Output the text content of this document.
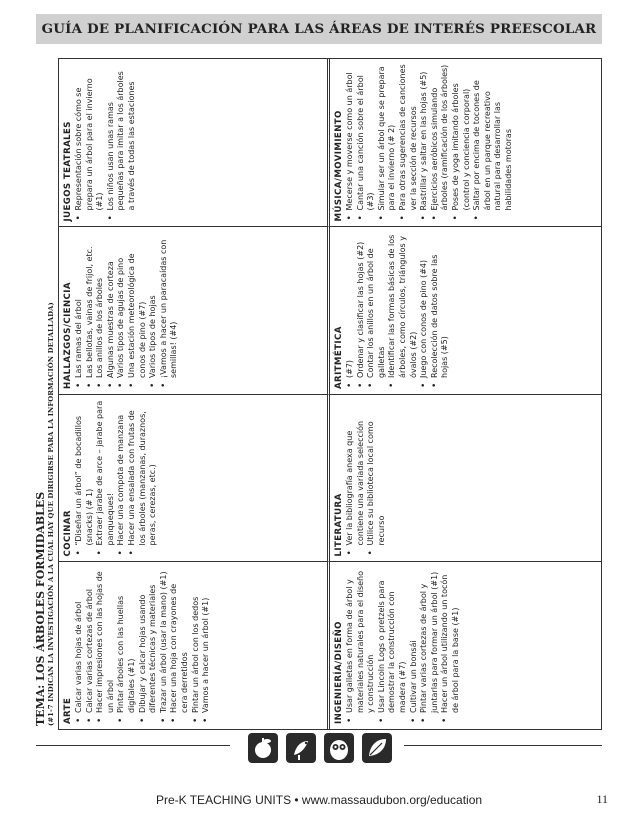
GUÍA DE PLANIFICACIÓN PARA LAS ÁREAS DE INTERÉS PREESCOLAR
TEMA: LOS ÁRBOLES FORMIDABLES (#1-7 INDICAN LA INVESTIGACIÓN A LA CUAL HAY QUE DIRIGIRSE PARA LA INFORMACIÓN DETALLADA) ARTE • Calcar varias hojas de árbol • Calcar varias cortezas de árbol • Hacer impresiones con las hojas de un árbol • Pintar árboles con las huellas digitales (#1) • Dibujar y calcar hojas usando diferentes técnicas y materiales • Trazar un árbol (usar la mano) (#1) • Hacer una hoja con crayones de cera derretidos • Pintar un árbol con los dedos • Vamos a hacer un árbol (#1)
COCINAR • “Diseñar un árbol” de bocadillos (snacks) (# 1) • Extraer jarabe de arce – jarabe para panqueques! • Hacer una compota de manzana • Hacer una ensalada con frutas de los árboles (manzanas, duraznos, peras, cerezas, etc.)
HALLAZGOS/CIENCIA • Las ramas del árbol • Las bellotas, vainas de frijol, etc. • Los anillos de los árboles • Algunas muestras de corteza • Varios tipos de agujas de pino • Una estación meteorológica de conos de pino (#7) • Varios tipos de hojas • ¡Vamos a hacer un paracaídas con semillas! (#4)
JUEGOS TEATRALES • Representación sobre cómo se prepara un árbol para el invierno (#1) • Los niños usan unas ramas pequeñas para imitar a los árboles a través de todas las estaciones
INGENIERÍA/DISEÑO • Usar galletas en forma de árbol y materiales naturales para el diseño y construcción • Usar Lincoln Logs o pretzels para demostrar la construcción con madera (#7) • Cultivar un bonsái • Pintar varias cortezas de árbol y juntarlas para formar un árbol (#1) • Hacer un árbol utilizando un tocón de árbol para la base (#1)
LITERATURA • Ver la bibliografía anexa que contiene una variada selección • Utilice su biblioteca local como recurso
ARITMÉTICA • (#7) • Ordenar y clasificar las hojas (#2) • Contar los anillos en un árbol de galletas • Identificar las formas básicas de los árboles, como círculos, triángulos y óvalos (#2) • Juego con conos de pino (#4) • Recolección de datos sobre las hojas (#5)
MÚSICA/MOVIMIENTO • Mecerse y moverse como un árbol • Cantar una canción sobre el árbol (#3) • Simular ser un árbol que se prepara para el invierno (# 2) • Para otras sugerencias de canciones ver la sección de recursos • Rastrillar y saltar en las hojas (#5) • Ejercicios aeróbicos simulando árboles (ramificación de los árboles) • Poses de yoga imitando árboles (control y conciencia corporal) • Saltar por encima de tocones de árbol en un parque recreativo natural para desarrollar las habilidades motoras
Pre-K TEACHING UNITS • www.massaudubon.org/education	11
